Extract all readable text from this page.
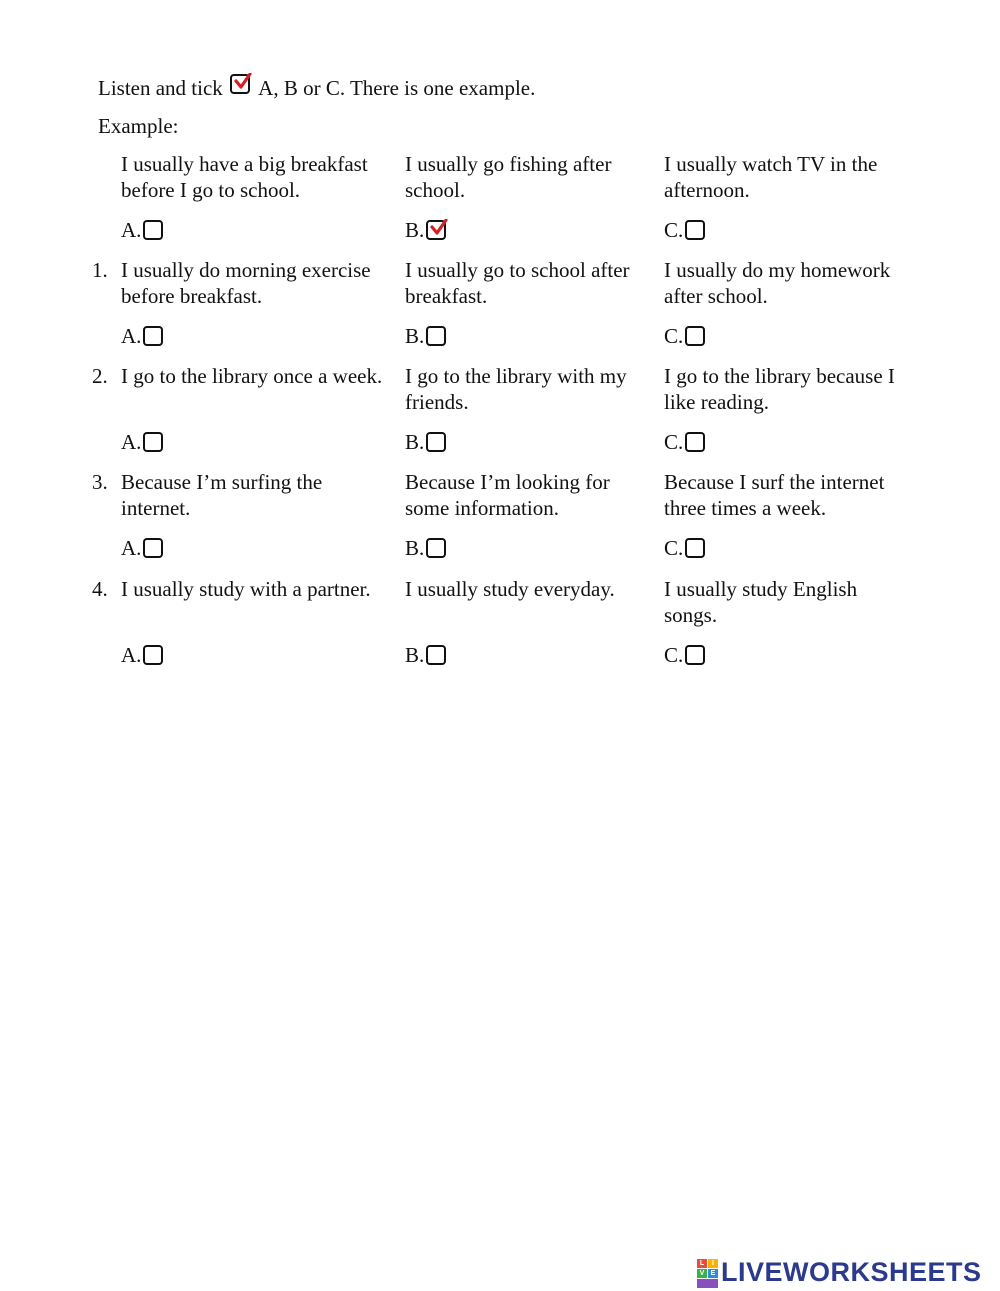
Listen and tick A, B or C. There is one example.
Example:
I usually have a big breakfast
before I go to school.
A.
I usually go fishing after
school.
B.
I usually watch TV in the
afternoon.
C.
1. I usually do morning exercise
before breakfast.
A.
I usually go to school after
breakfast.
B.
I usually do my homework
after school.
C.
2. I go to the library once a week.
A.
I go to the library with my
friends.
B.
I go to the library because I
like reading.
C.
3. Because I’m surfing the
internet.
A.
Because I’m looking for
some information.
B.
Because I surf the internet
three times a week.
C.
4. I usually study with a partner.
A.
I usually study everyday.
B.
I usually study English
songs.
C.
L	I
V E LIVEWORKSHEETS
